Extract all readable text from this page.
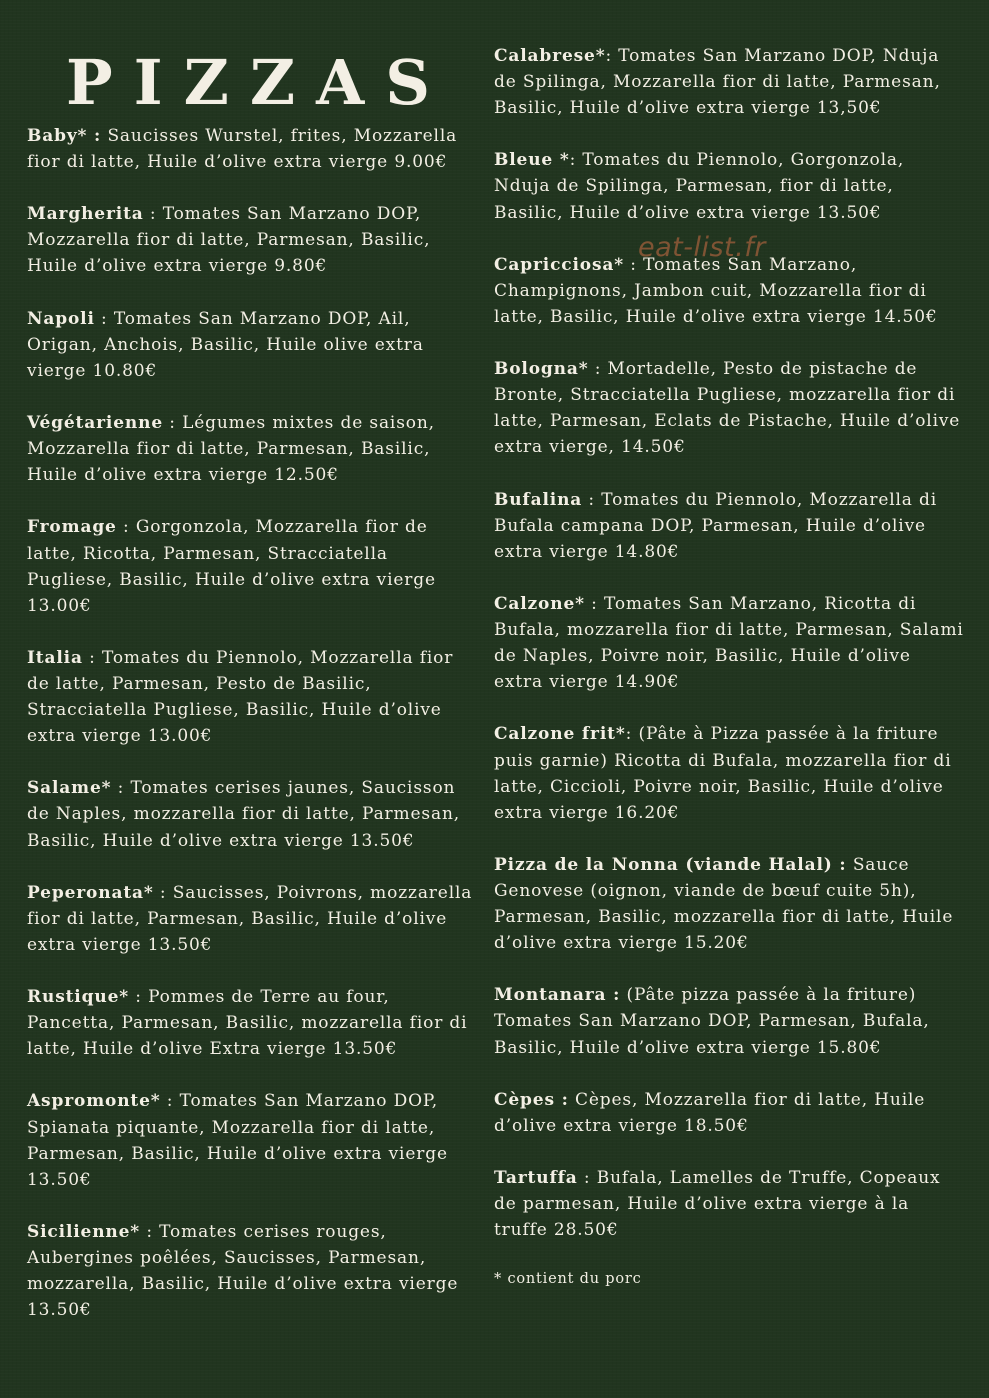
PIZZAS
eat-list.fr

Baby* : Saucisses Wurstel, frites, Mozzarella fior di latte, Huile d’olive extra vierge 9.00€

Margherita : Tomates San Marzano DOP, Mozzarella fior di latte, Parmesan, Basilic, Huile d’olive extra vierge 9.80€

Napoli : Tomates San Marzano DOP, Ail, Origan, Anchois, Basilic, Huile olive extra vierge 10.80€

Végétarienne : Légumes mixtes de saison, Mozzarella fior di latte, Parmesan, Basilic, Huile d’olive extra vierge 12.50€

Fromage : Gorgonzola, Mozzarella fior de latte, Ricotta, Parmesan, Stracciatella Pugliese, Basilic, Huile d’olive extra vierge 13.00€

Italia : Tomates du Piennolo, Mozzarella fior de latte, Parmesan, Pesto de Basilic, Stracciatella Pugliese, Basilic, Huile d’olive extra vierge 13.00€

Salame* : Tomates cerises jaunes, Saucisson de Naples, mozzarella fior di latte, Parmesan, Basilic, Huile d’olive extra vierge 13.50€

Peperonata* : Saucisses, Poivrons, mozzarella fior di latte, Parmesan, Basilic, Huile d’olive extra vierge 13.50€

Rustique* : Pommes de Terre au four, Pancetta, Parmesan, Basilic, mozzarella fior di latte, Huile d’olive Extra vierge 13.50€

Aspromonte* : Tomates San Marzano DOP, Spianata piquante, Mozzarella fior di latte, Parmesan, Basilic, Huile d’olive extra vierge 13.50€

Sicilienne* : Tomates cerises rouges, Aubergines poêlées, Saucisses, Parmesan, mozzarella, Basilic, Huile d’olive extra vierge 13.50€

Calabrese*: Tomates San Marzano DOP, Nduja de Spilinga, Mozzarella fior di latte, Parmesan, Basilic, Huile d’olive extra vierge 13,50€

Bleue *: Tomates du Piennolo, Gorgonzola, Nduja de Spilinga, Parmesan, fior di latte, Basilic, Huile d’olive extra vierge 13.50€

Capricciosa* : Tomates San Marzano, Champignons, Jambon cuit, Mozzarella fior di latte, Basilic, Huile d’olive extra vierge 14.50€

Bologna* : Mortadelle, Pesto de pistache de Bronte, Stracciatella Pugliese, mozzarella fior di latte, Parmesan, Eclats de Pistache, Huile d’olive extra vierge, 14.50€

Bufalina : Tomates du Piennolo, Mozzarella di Bufala campana DOP, Parmesan, Huile d’olive extra vierge 14.80€

Calzone* : Tomates San Marzano, Ricotta di Bufala, mozzarella fior di latte, Parmesan, Salami de Naples, Poivre noir, Basilic, Huile d’olive extra vierge 14.90€

Calzone frit*: (Pâte à Pizza passée à la friture puis garnie) Ricotta di Bufala, mozzarella fior di latte, Ciccioli, Poivre noir, Basilic, Huile d’olive extra vierge 16.20€

Pizza de la Nonna (viande Halal) : Sauce Genovese (oignon, viande de bœuf cuite 5h), Parmesan, Basilic, mozzarella fior di latte, Huile d’olive extra vierge 15.20€

Montanara : (Pâte pizza passée à la friture) Tomates San Marzano DOP, Parmesan, Bufala, Basilic, Huile d’olive extra vierge 15.80€

Cèpes : Cèpes, Mozzarella fior di latte, Huile d’olive extra vierge 18.50€

Tartuffa : Bufala, Lamelles de Truffe, Copeaux de parmesan, Huile d’olive extra vierge à la truffe 28.50€

* contient du porc
